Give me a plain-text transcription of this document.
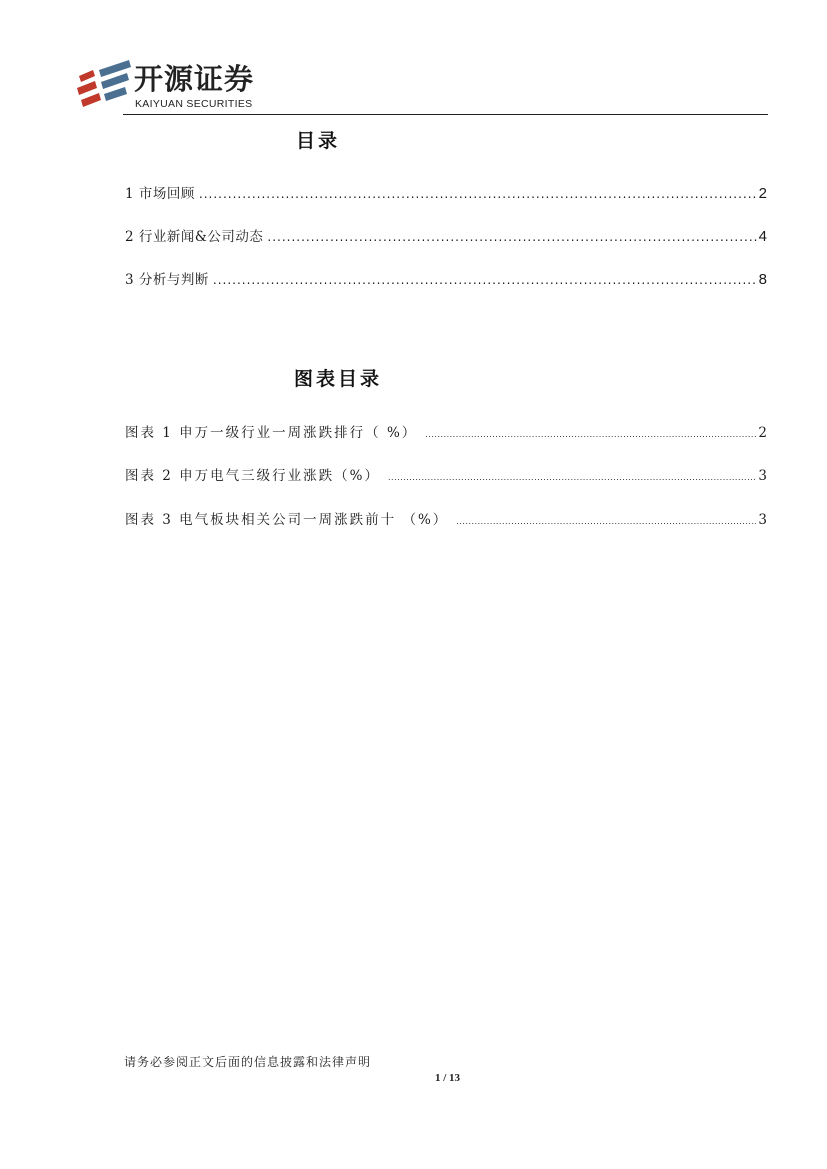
开源证券
KAIYUAN SECURITIES
目录
1 市场回顾 .....	2
2 行业新闻&公司动态 .....	4
3 分析与判断 .....	8
图表目录
图表 1 申万一级行业一周涨跌排行（ %） .....	2
图表 2 申万电气三级行业涨跌（%） .....	3
图表 3 电气板块相关公司一周涨跌前十 （%） .....	3
请务必参阅正文后面的信息披露和法律声明
1 / 13
